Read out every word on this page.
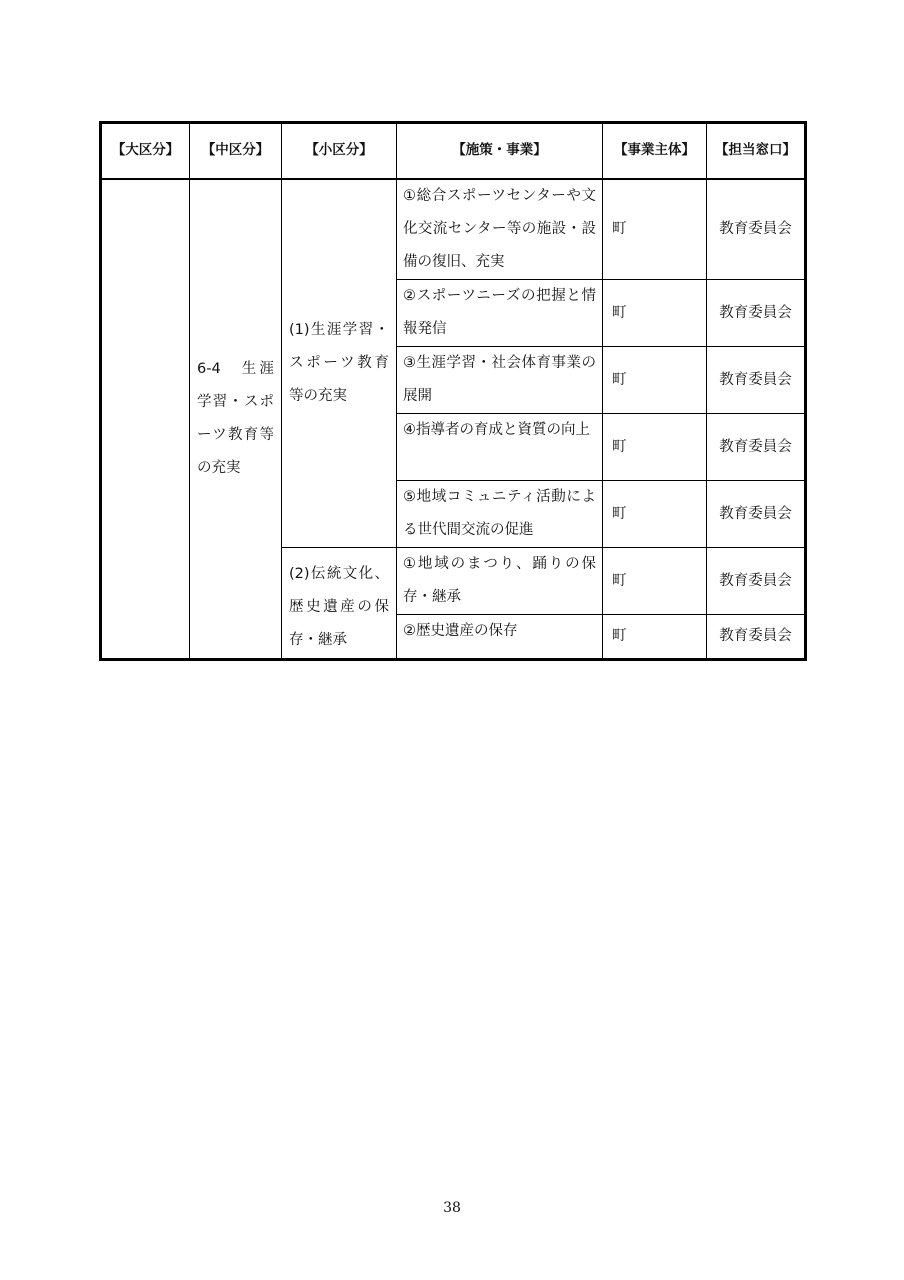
【大区分】	【中区分】	【小区分】	【施策・事業】	【事業主体】	【担当窓口】
	6-4　生涯学習・スポーツ教育等の充実	(1)生涯学習・スポーツ教育等の充実	①総合スポーツセンターや文化交流センター等の施設・設備の復旧、充実	町	教育委員会
			②スポーツニーズの把握と情報発信	町	教育委員会
			③生涯学習・社会体育事業の展開	町	教育委員会
			④指導者の育成と資質の向上	町	教育委員会
			⑤地域コミュニティ活動による世代間交流の促進	町	教育委員会
		(2)伝統文化、歴史遺産の保存・継承	①地域のまつり、踊りの保存・継承	町	教育委員会
			②歴史遺産の保存	町	教育委員会
38
